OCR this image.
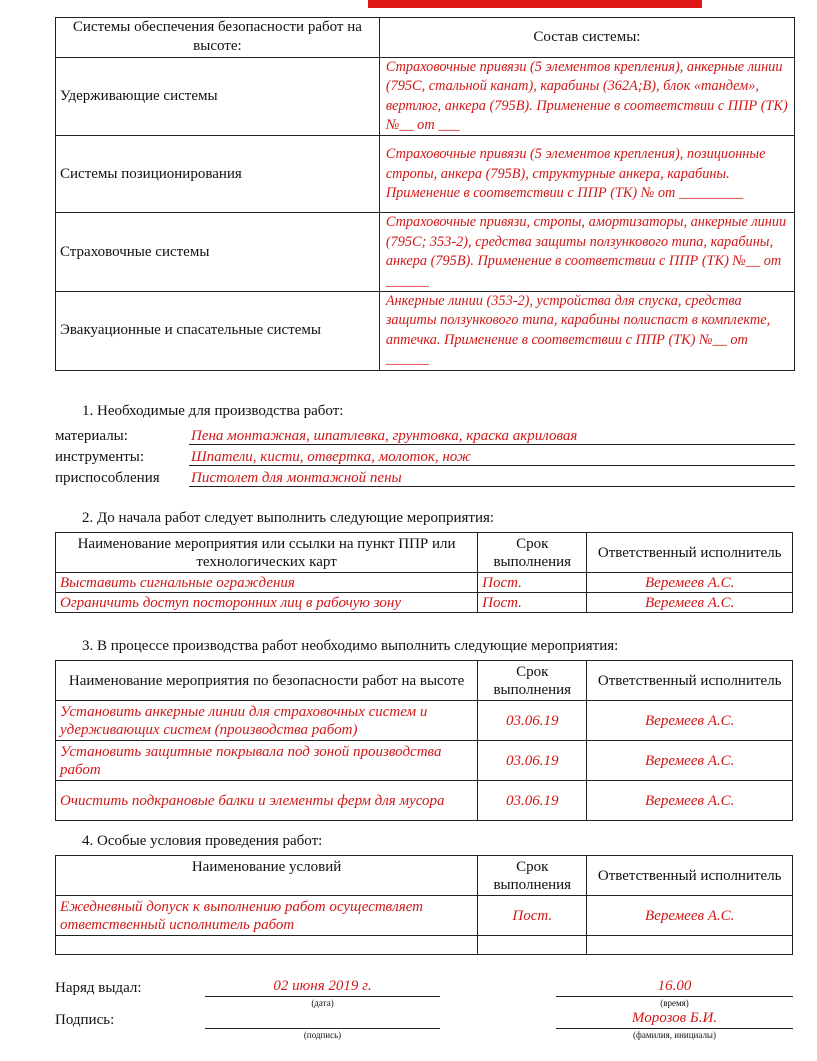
Системы обеспечения безопасности работ на высоте:	Состав системы:
Удерживающие системы	Страховочные привязи (5 элементов крепления), анкерные линии (795С, стальной канат), карабины (362А;В), блок «тандем», вертлюг, анкера (795В). Применение в соответствии с ППР (ТК) №__ от ___
Системы позиционирования	Страховочные привязи (5 элементов крепления), позиционные стропы, анкера (795В), структурные анкера, карабины. Применение в соответствии с ППР (ТК) № от _________
Страховочные системы	Страховочные привязи, стропы, амортизаторы, анкерные линии (795С; 353-2), средства защиты ползункового типа, карабины, анкера (795В). Применение в соответствии с ППР (ТК) №__ от ______
Эвакуационные и спасательные системы	Анкерные линии (353-2), устройства для спуска, средства защиты ползункового типа, карабины полиспаст в комплекте, аптечка. Применение в соответствии с ППР (ТК) №__ от ______
1. Необходимые для производства работ:
материалы:	Пена монтажная, шпатлевка, грунтовка, краска акриловая
инструменты:	Шпатели, кисти, отвертка, молоток, нож
приспособления Пистолет для монтажной пены
2. До начала работ следует выполнить следующие мероприятия:
Наименование мероприятия или ссылки на пункт ППР или технологических карт	Срок выполнения	Ответственный исполнитель
Выставить сигнальные ограждения	Пост.	Веремеев А.С.
Ограничить доступ посторонних лиц в рабочую зону	Пост.	Веремеев А.С.
3. В процессе производства работ необходимо выполнить следующие мероприятия:
Наименование мероприятия по безопасности работ на высоте	Срок выполнения	Ответственный исполнитель
Установить анкерные линии для страховочных систем и удерживающих систем (производства работ)	03.06.19	Веремеев А.С.
Установить защитные покрывала под зоной производства работ	03.06.19	Веремеев А.С.
Очистить подкрановые балки и элементы ферм для мусора	03.06.19	Веремеев А.С.
4. Особые условия проведения работ:
Наименование условий	Срок выполнения	Ответственный исполнитель
Ежедневный допуск к выполнению работ осуществляет ответственный исполнитель работ	Пост.	Веремеев А.С.

Наряд выдал:	02 июня 2019 г.
(дата)
16.00
(время)
Подпись:
(подпись)
Морозов Б.И.
(фамилия, инициалы)
